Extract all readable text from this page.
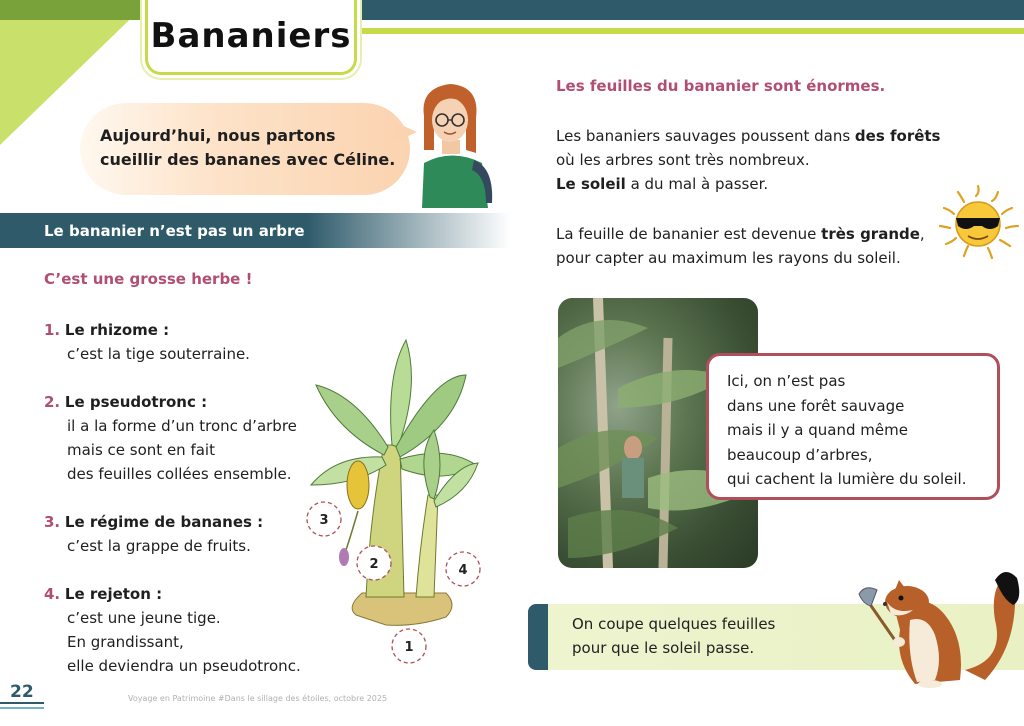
Bananiers
Aujourd’hui, nous partons
cueillir des bananes avec Céline.
Le bananier n’est pas un arbre
C’est une grosse herbe !
1. Le rhizome :
c’est la tige souterraine.
2. Le pseudotronc :
il a la forme d’un tronc d’arbre
mais ce sont en fait
des feuilles collées ensemble.
3. Le régime de bananes :
c’est la grappe de fruits.
4. Le rejeton :
c’est une jeune tige.
En grandissant,
elle deviendra un pseudotronc.
3
2	4
1
Les feuilles du bananier sont énormes.
Les bananiers sauvages poussent dans des forêts
où les arbres sont très nombreux.
Le soleil a du mal à passer.
La feuille de bananier est devenue très grande,
pour capter au maximum les rayons du soleil.
Ici, on n’est pas
dans une forêt sauvage
mais il y a quand même
beaucoup d’arbres,
qui cachent la lumière du soleil.
On coupe quelques feuilles
pour que le soleil passe.
22	Voyage en Patrimoine #Dans le sillage des étoiles, octobre 2025
